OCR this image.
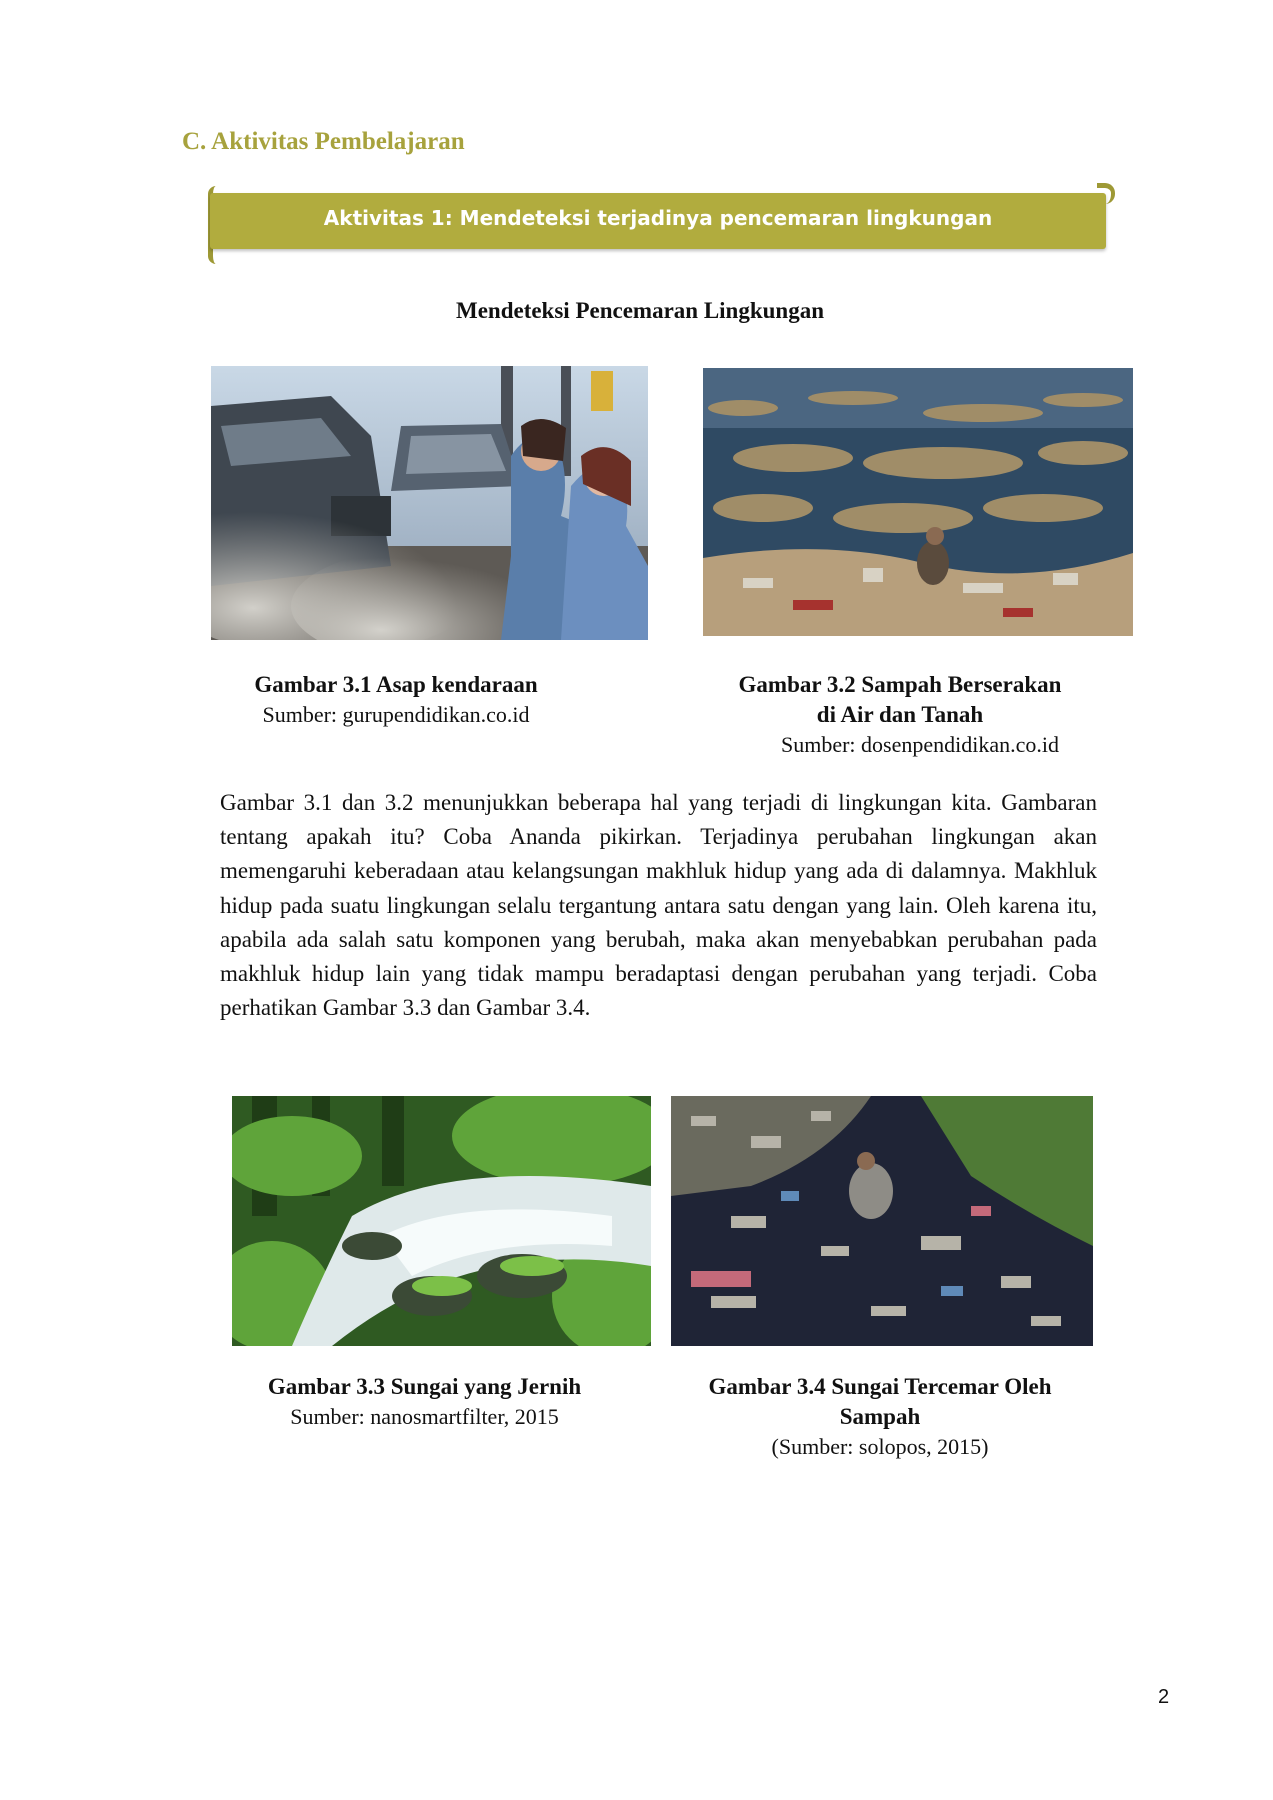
C. Aktivitas Pembelajaran
Aktivitas 1: Mendeteksi terjadinya pencemaran lingkungan
Mendeteksi Pencemaran Lingkungan
Gambar 3.1 Asap kendaraan
Sumber: gurupendidikan.co.id
Gambar 3.2 Sampah Berserakan
di Air dan Tanah
Sumber: dosenpendidikan.co.id
Gambar 3.1 dan 3.2 menunjukkan beberapa hal yang terjadi di lingkungan kita. Gambaran tentang apakah itu? Coba Ananda pikirkan. Terjadinya perubahan lingkungan akan memengaruhi keberadaan atau kelangsungan makhluk hidup yang ada di dalamnya. Makhluk hidup pada suatu lingkungan selalu tergantung antara satu dengan yang lain. Oleh karena itu, apabila ada salah satu komponen yang berubah, maka akan menyebabkan perubahan pada makhluk hidup lain yang tidak mampu beradaptasi dengan perubahan yang terjadi. Coba perhatikan Gambar 3.3 dan Gambar 3.4.
Gambar 3.3 Sungai yang Jernih
Sumber: nanosmartfilter, 2015
Gambar 3.4 Sungai Tercemar Oleh
Sampah
(Sumber: solopos, 2015)
2
